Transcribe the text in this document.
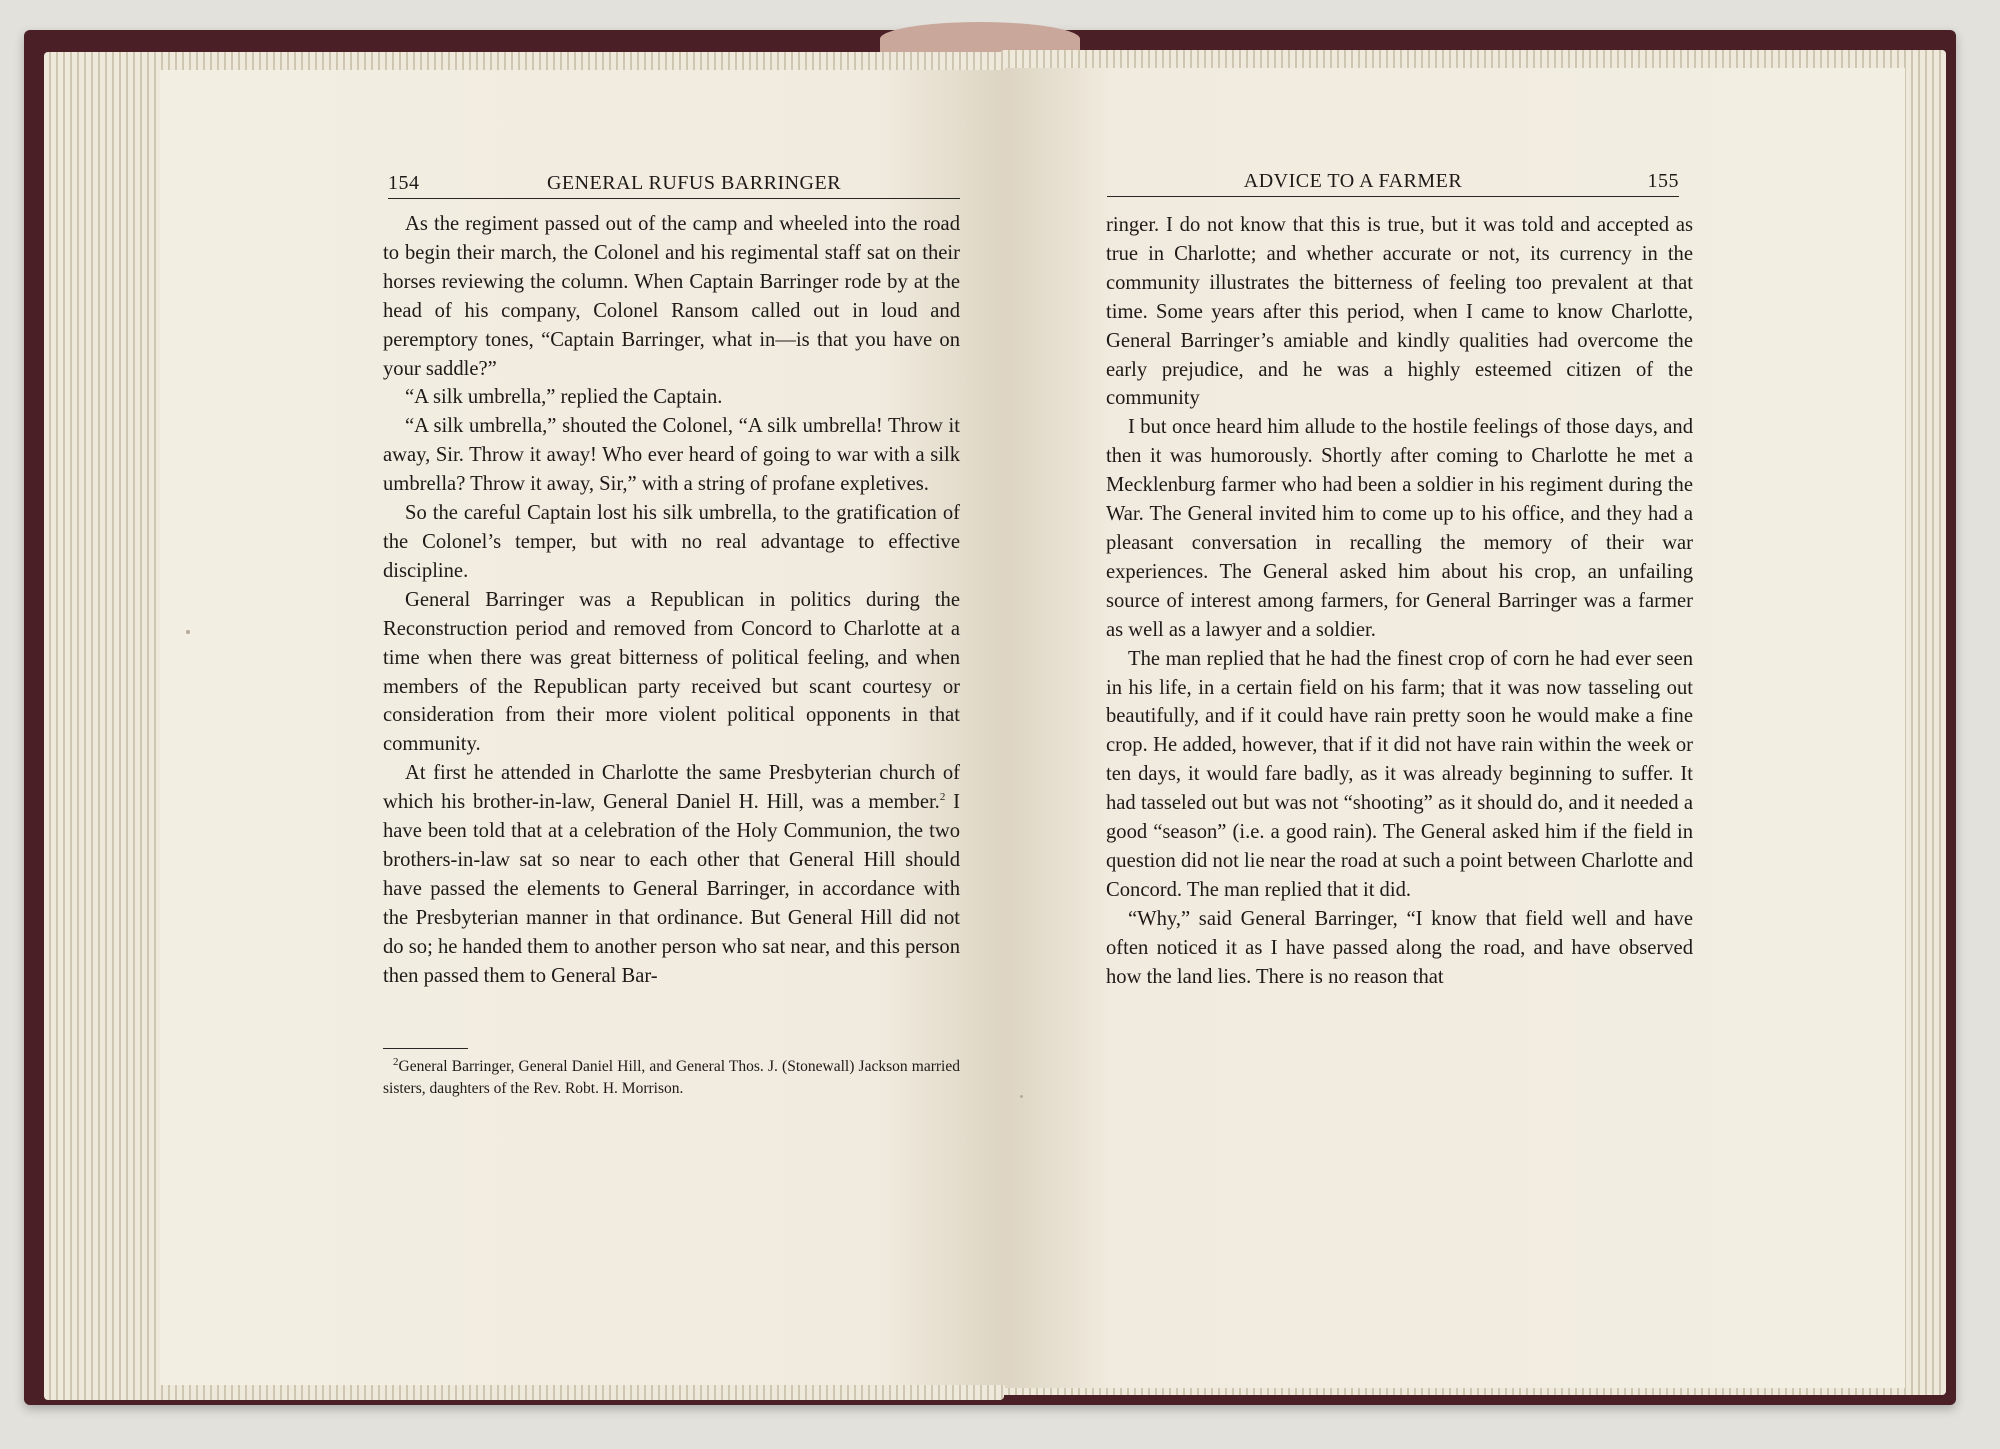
154	GENERAL RUFUS BARRINGER

As the regiment passed out of the camp and wheeled into the road to begin their march, the Colonel and his regimental staff sat on their horses reviewing the column. When Captain Barringer rode by at the head of his company, Colonel Ransom called out in loud and peremptory tones, “Captain Barringer, what in—is that you have on your saddle?”

“A silk umbrella,” replied the Captain.

“A silk umbrella,” shouted the Colonel, “A silk umbrella! Throw it away, Sir. Throw it away! Who ever heard of going to war with a silk umbrella? Throw it away, Sir,” with a string of profane expletives.

So the careful Captain lost his silk umbrella, to the gratification of the Colonel’s temper, but with no real advantage to effective discipline.

General Barringer was a Republican in politics during the Reconstruction period and removed from Concord to Charlotte at a time when there was great bitterness of political feeling, and when members of the Republican party received but scant courtesy or consideration from their more violent political opponents in that community.

At first he attended in Charlotte the same Presbyterian church of which his brother-in-law, General Daniel H. Hill, was a member.$^2$ I have been told that at a celebration of the Holy Communion, the two brothers-in-law sat so near to each other that General Hill should have passed the elements to General Barringer, in accordance with the Presbyterian manner in that ordinance. But General Hill did not do so; he handed them to another person who sat near, and this person then passed them to General Bar-

$^2$General Barringer, General Daniel Hill, and General Thos. J. (Stonewall) Jackson married sisters, daughters of the Rev. Robt. H. Morrison.
ADVICE TO A FARMER	155

ringer. I do not know that this is true, but it was told and accepted as true in Charlotte; and whether accurate or not, its currency in the community illustrates the bitterness of feeling too prevalent at that time. Some years after this period, when I came to know Charlotte, General Barringer’s amiable and kindly qualities had overcome the early prejudice, and he was a highly esteemed citizen of the community

I but once heard him allude to the hostile feelings of those days, and then it was humorously. Shortly after coming to Charlotte he met a Mecklenburg farmer who had been a soldier in his regiment during the War. The General invited him to come up to his office, and they had a pleasant conversation in recalling the memory of their war experiences. The General asked him about his crop, an unfailing source of interest among farmers, for General Barringer was a farmer as well as a lawyer and a soldier.

The man replied that he had the finest crop of corn he had ever seen in his life, in a certain field on his farm; that it was now tasseling out beautifully, and if it could have rain pretty soon he would make a fine crop. He added, however, that if it did not have rain within the week or ten days, it would fare badly, as it was already beginning to suffer. It had tasseled out but was not “shooting” as it should do, and it needed a good “season” (i.e. a good rain). The General asked him if the field in question did not lie near the road at such a point between Charlotte and Concord. The man replied that it did.

“Why,” said General Barringer, “I know that field well and have often noticed it as I have passed along the road, and have observed how the land lies. There is no reason that
